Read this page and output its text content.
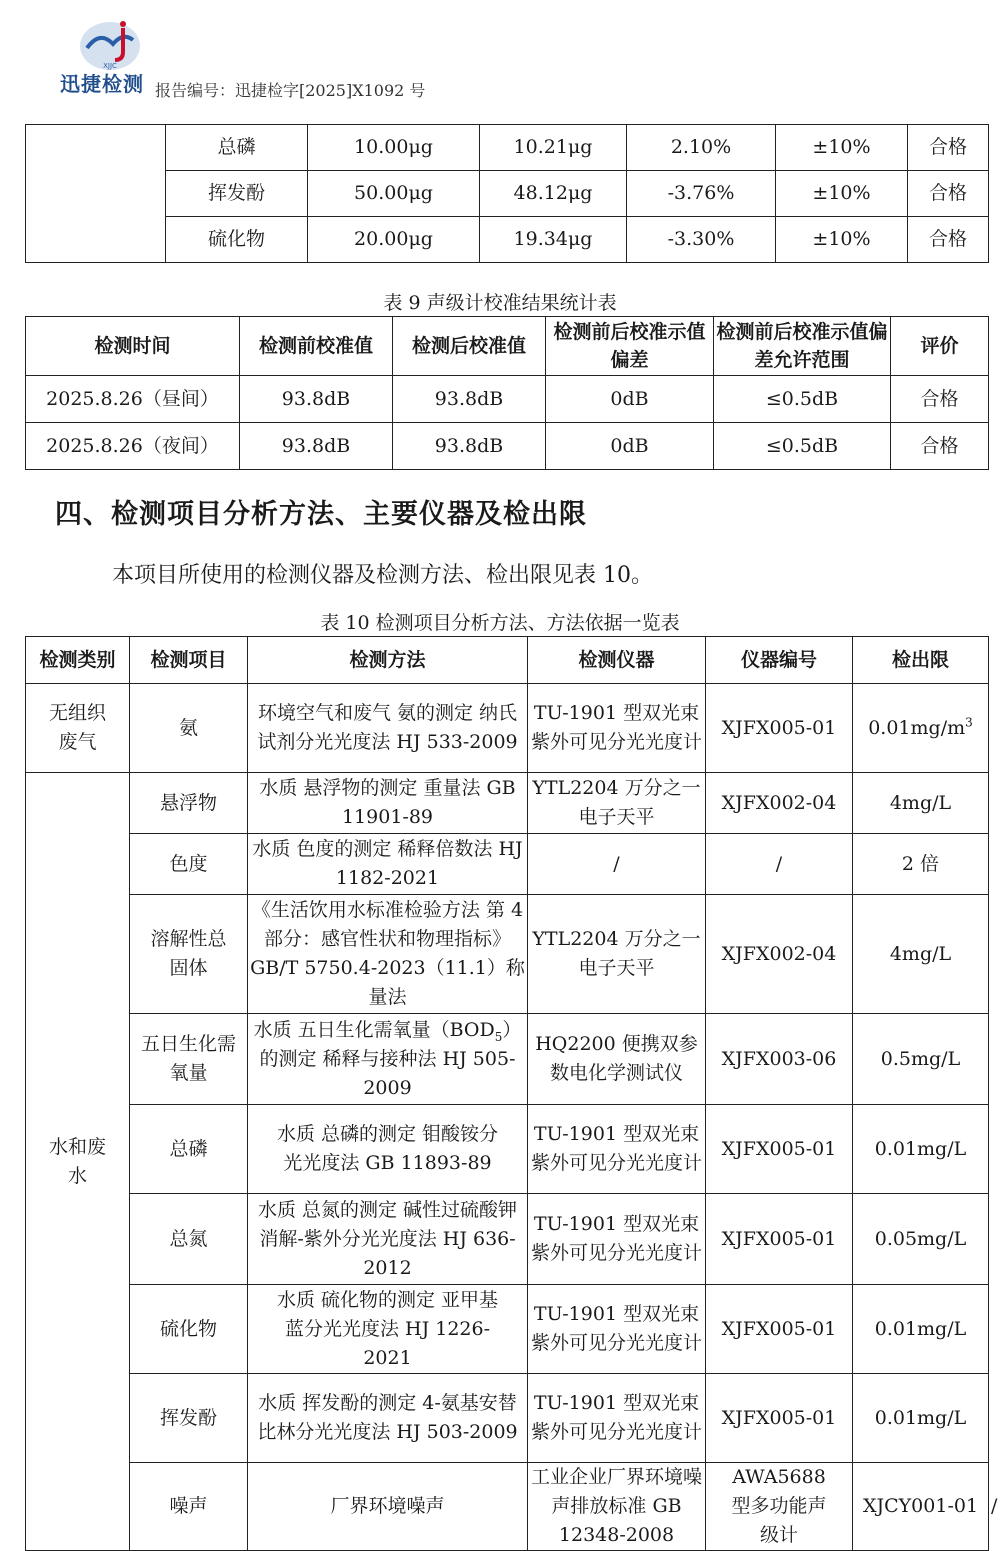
XJJC
迅捷检测 报告编号：迅捷检字[2025]X1092 号
	总磷	10.00μg	10.21μg	2.10%	±10%	合格
	挥发酚	50.00μg	48.12μg	-3.76%	±10%	合格
	硫化物	20.00μg	19.34μg	-3.30%	±10%	合格
表 9 声级计校准结果统计表
检测时间	检测前校准值	检测后校准值	检测前后校准示值偏差	检测前后校准示值偏差允许范围	评价
2025.8.26（昼间）	93.8dB	93.8dB	0dB	≤0.5dB	合格
2025.8.26（夜间）	93.8dB	93.8dB	0dB	≤0.5dB	合格
四、检测项目分析方法、主要仪器及检出限
本项目所使用的检测仪器及检测方法、检出限见表 10。
表 10 检测项目分析方法、方法依据一览表
检测类别	检测项目	检测方法	检测仪器	仪器编号	检出限	
无组织废气	氨	环境空气和废气 氨的测定 纳氏试剂分光光度法 HJ 533-2009	TU-1901 型双光束紫外可见分光光度计	XJFX005-01	$0.01mg/m^3$
水和废水	悬浮物	水质 悬浮物的测定 重量法 GB 11901-89	YTL2204 万分之一电子天平	XJFX002-04	4mg/L	
	色度	水质 色度的测定 稀释倍数法 HJ 1182-2021	/	/	2 倍	
	溶解性总固体	《生活饮用水标准检验方法 第 4 部分：感官性状和物理指标》GB/T 5750.4-2023（11.1）称量法	YTL2204 万分之一电子天平	XJFX002-04	4mg/L	
	五日生化需氧量	水质 五日生化需氧量$(BOD_5)$的测定 稀释与接种法 HJ 505-2009	HQ2200 便携双参数电化学测试仪	XJFX003-06	0.5mg/L	
	总磷	水质 总磷的测定 钼酸铵分光光度法 GB 11893-89	TU-1901 型双光束紫外可见分光光度计	XJFX005-01	0.01mg/L	
	总氮	水质 总氮的测定 碱性过硫酸钾消解-紫外分光光度法 HJ 636-2012	TU-1901 型双光束紫外可见分光光度计	XJFX005-01	0.05mg/L	
	硫化物	水质 硫化物的测定 亚甲基蓝分光光度法 HJ 1226-2021	TU-1901 型双光束紫外可见分光光度计	XJFX005-01	0.01mg/L	
	挥发酚	水质 挥发酚的测定 4-氨基安替比林分光光度法 HJ 503-2009	TU-1901 型双光束紫外可见分光光度计	XJFX005-01	0.01mg/L	
	噪声	厂界环境噪声	工业企业厂界环境噪声排放标准 GB 12348-2008	AWA5688 型多功能声级计	XJCY001-01	/
